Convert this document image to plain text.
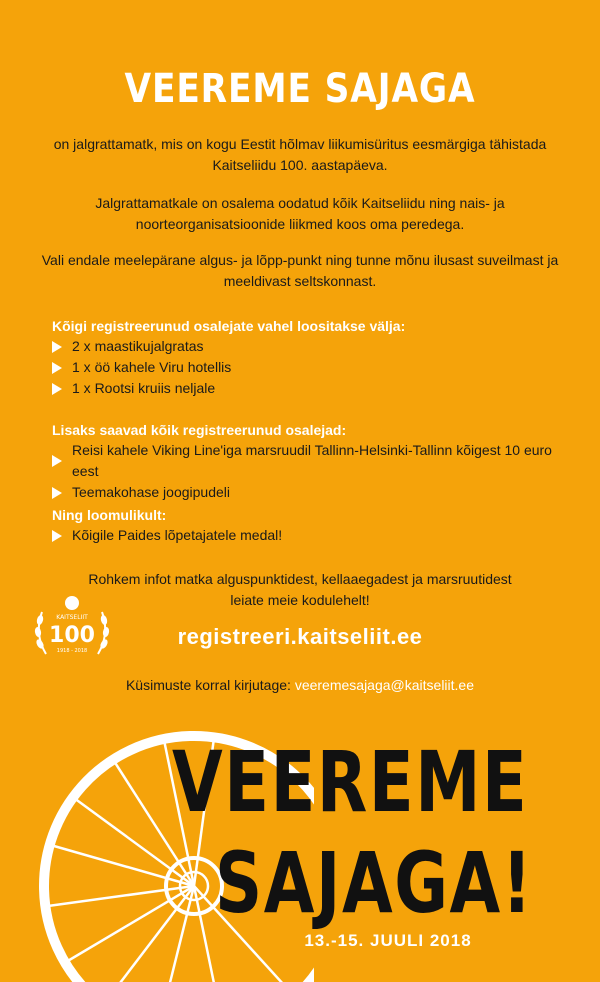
VEEREME SAJAGA
on jalgrattamatk, mis on kogu Eestit hõlmav liikumisüritus eesmärgiga tähistada Kaitseliidu 100. aastapäeva.
Jalgrattamatkale on osalema oodatud kõik Kaitseliidu ning nais- ja noorteorganisatsioonide liikmed koos oma peredega.
Vali endale meelepärane algus- ja lõpp-punkt ning tunne mõnu ilusast suveilmast ja meeldivast seltskonnast.
Kõigi registreerunud osalejate vahel loositakse välja:
2 x maastikujalgratas
1 x öö kahele Viru hotellis
1 x Rootsi kruiis neljale
Lisaks saavad kõik registreerunud osalejad:
Reisi kahele Viking Line'iga marsruudil Tallinn-Helsinki-Tallinn kõigest 10 euro eest
Teemakohase joogipudeli
Ning loomulikult:
Kõigile Paides lõpetajatele medal!
Rohkem infot matka alguspunktidest, kellaaegadest ja marsruutidest
leiate meie kodulehelt!
KAITSELIIT
100
1918 - 2018
registreeri.kaitseliit.ee
Küsimuste korral kirjutage: veeremesajaga@kaitseliit.ee
VEEREME
SAJAGA!
13.-15. JUULI 2018
